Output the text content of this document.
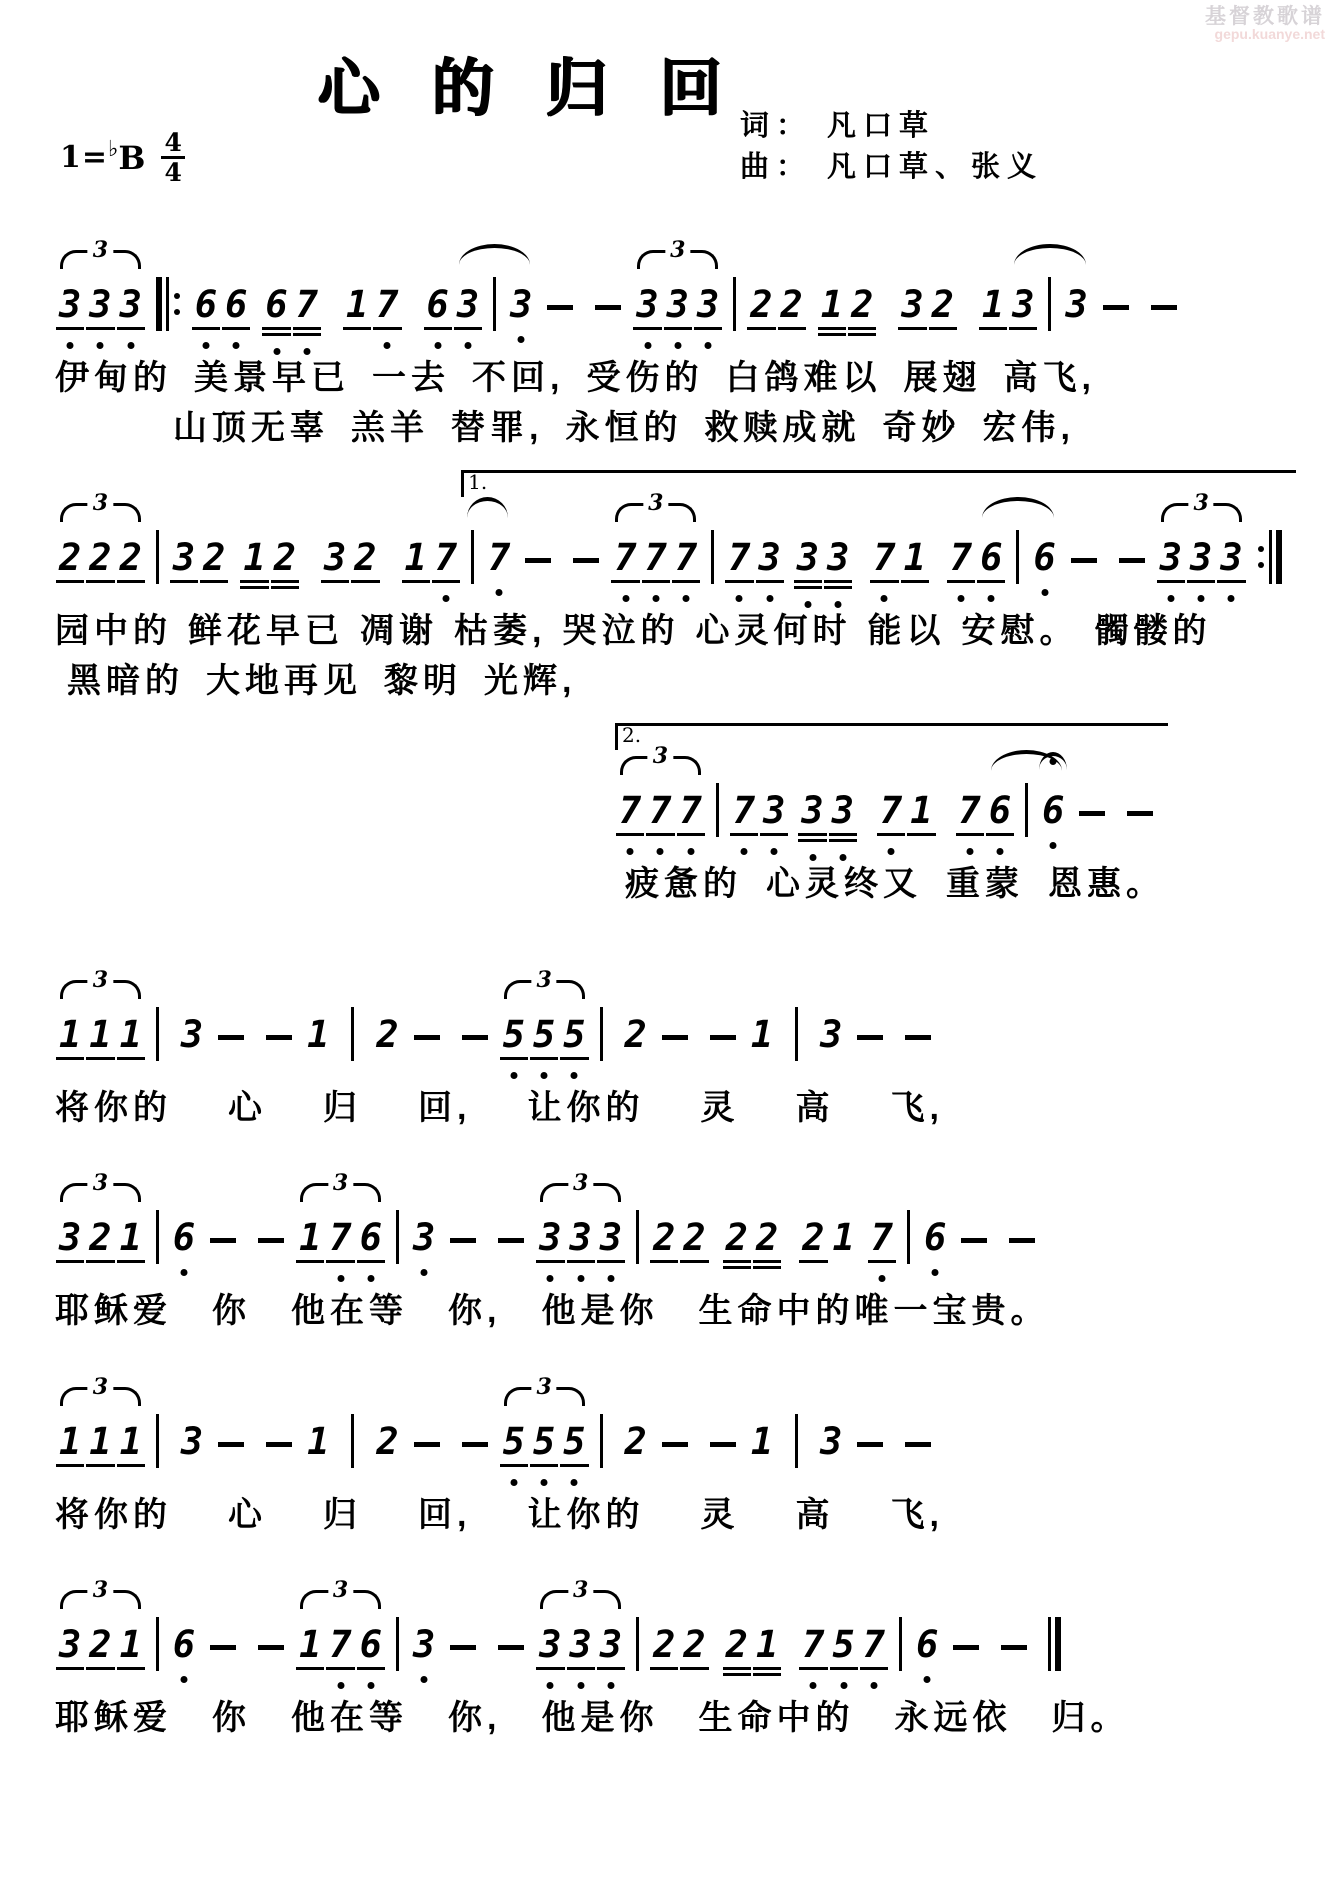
基督教歌谱
gepu.kuanye.net
心的归回
词： 凡口草
曲： 凡口草、张义
1= ♭ B 4
4
3
3 3 3 6 6 6 7 1 7 6 3 3
3
3 3 3 2 2 1 2 3 2 1 3 3
伊甸的 美景早已 一去 不回, 受伤的 白鸽难以 展翅 高飞,
山顶无辜 羔羊 替罪, 永恒的 救赎成就 奇妙 宏伟,
3
2 2 2 3 2 1 2 3 2 1 7
1.
7
3
7 7 7 7 3 3 3 7 1 7 6 6
3
3 3 3
园中的 鲜花早已 凋谢 枯萎, 哭泣的 心灵何时 能以 安慰。 髑髅的
黑暗的 大地再见 黎明 光辉,
2.
3
7 7 7 7 3 3 3 7 1 7 6 6
疲惫的 心灵终又 重蒙 恩惠。
3
1 1 1 3	1 2
3
5 5 5 2	1 3
将你的 心 归 回, 让你的 灵 高 飞,
3
3 2 1 6
3
1 7 6 3
3
3 3 3 2 2 2 2 2 1 7 6
耶稣爱 你 他在等 你, 他是你 生命中的唯一宝贵。
3
1 1 1 3	1 2
3
5 5 5 2	1 3
将你的 心 归 回, 让你的 灵 高 飞,
3
3 2 1 6
3
1 7 6 3
3
3 3 3 2 2 2 1 7 5 7 6
耶稣爱 你 他在等 你, 他是你 生命中的 永远依 归。
